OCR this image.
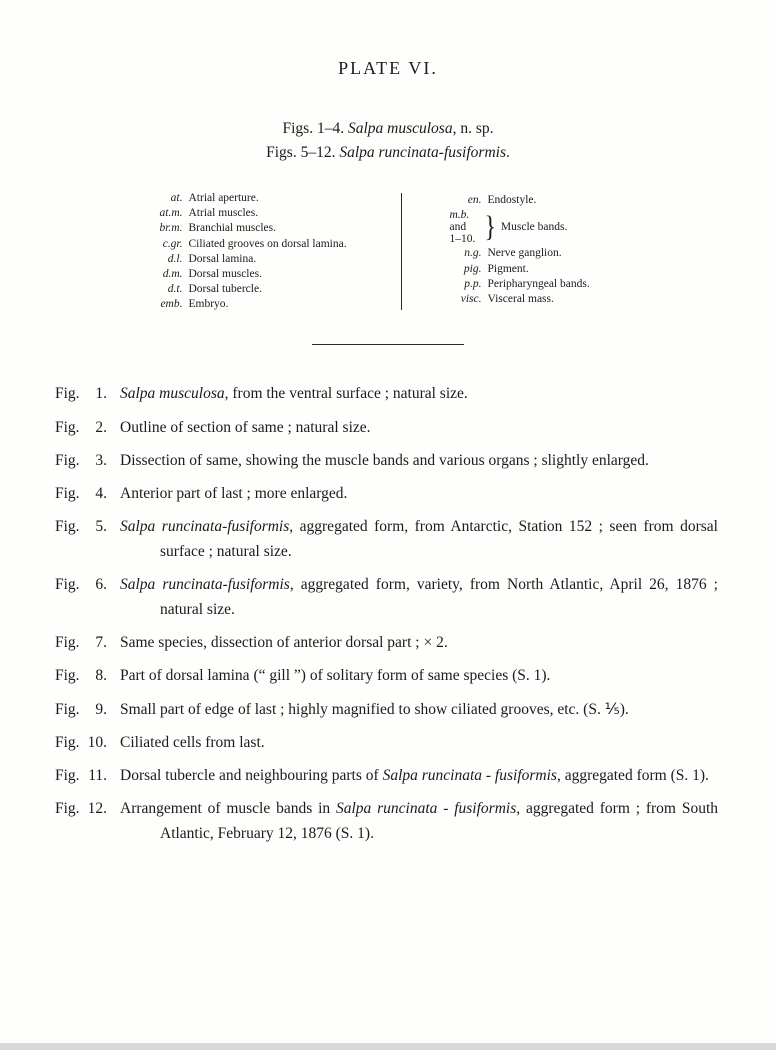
PLATE VI.
Figs. 1–4. Salpa musculosa, n. sp.
Figs. 5–12. Salpa runcinata-fusiformis.
at. Atrial aperture.
at.m. Atrial muscles.
br.m. Branchial muscles.
c.gr. Ciliated grooves on dorsal lamina.
d.l. Dorsal lamina.
d.m. Dorsal muscles.
d.t. Dorsal tubercle.
emb. Embryo.
en. Endostyle.
m.b.
and
1–10. } Muscle bands.
n.g. Nerve ganglion.
pig. Pigment.
p.p. Peripharyngeal bands.
visc. Visceral mass.
Fig. 1. Salpa musculosa, from the ventral surface ; natural size.
Fig. 2. Outline of section of same ; natural size.
Fig. 3. Dissection of same, showing the muscle bands and various organs ; slightly enlarged.
Fig. 4. Anterior part of last ; more enlarged.
Fig. 5. Salpa runcinata-fusiformis, aggregated form, from Antarctic, Station 152 ; seen from dorsal surface ; natural size.
Fig. 6. Salpa runcinata-fusiformis, aggregated form, variety, from North Atlantic, April 26, 1876 ; natural size.
Fig. 7. Same species, dissection of anterior dorsal part ; × 2.
Fig. 8. Part of dorsal lamina (“ gill ”) of solitary form of same species (S. 1).
Fig. 9. Small part of edge of last ; highly magnified to show ciliated grooves, etc. (S. ⅕).
Fig. 10. Ciliated cells from last.
Fig. 11. Dorsal tubercle and neighbouring parts of Salpa runcinata - fusiformis, aggregated form (S. 1).
Fig. 12. Arrangement of muscle bands in Salpa runcinata - fusiformis, aggregated form ; from South Atlantic, February 12, 1876 (S. 1).
